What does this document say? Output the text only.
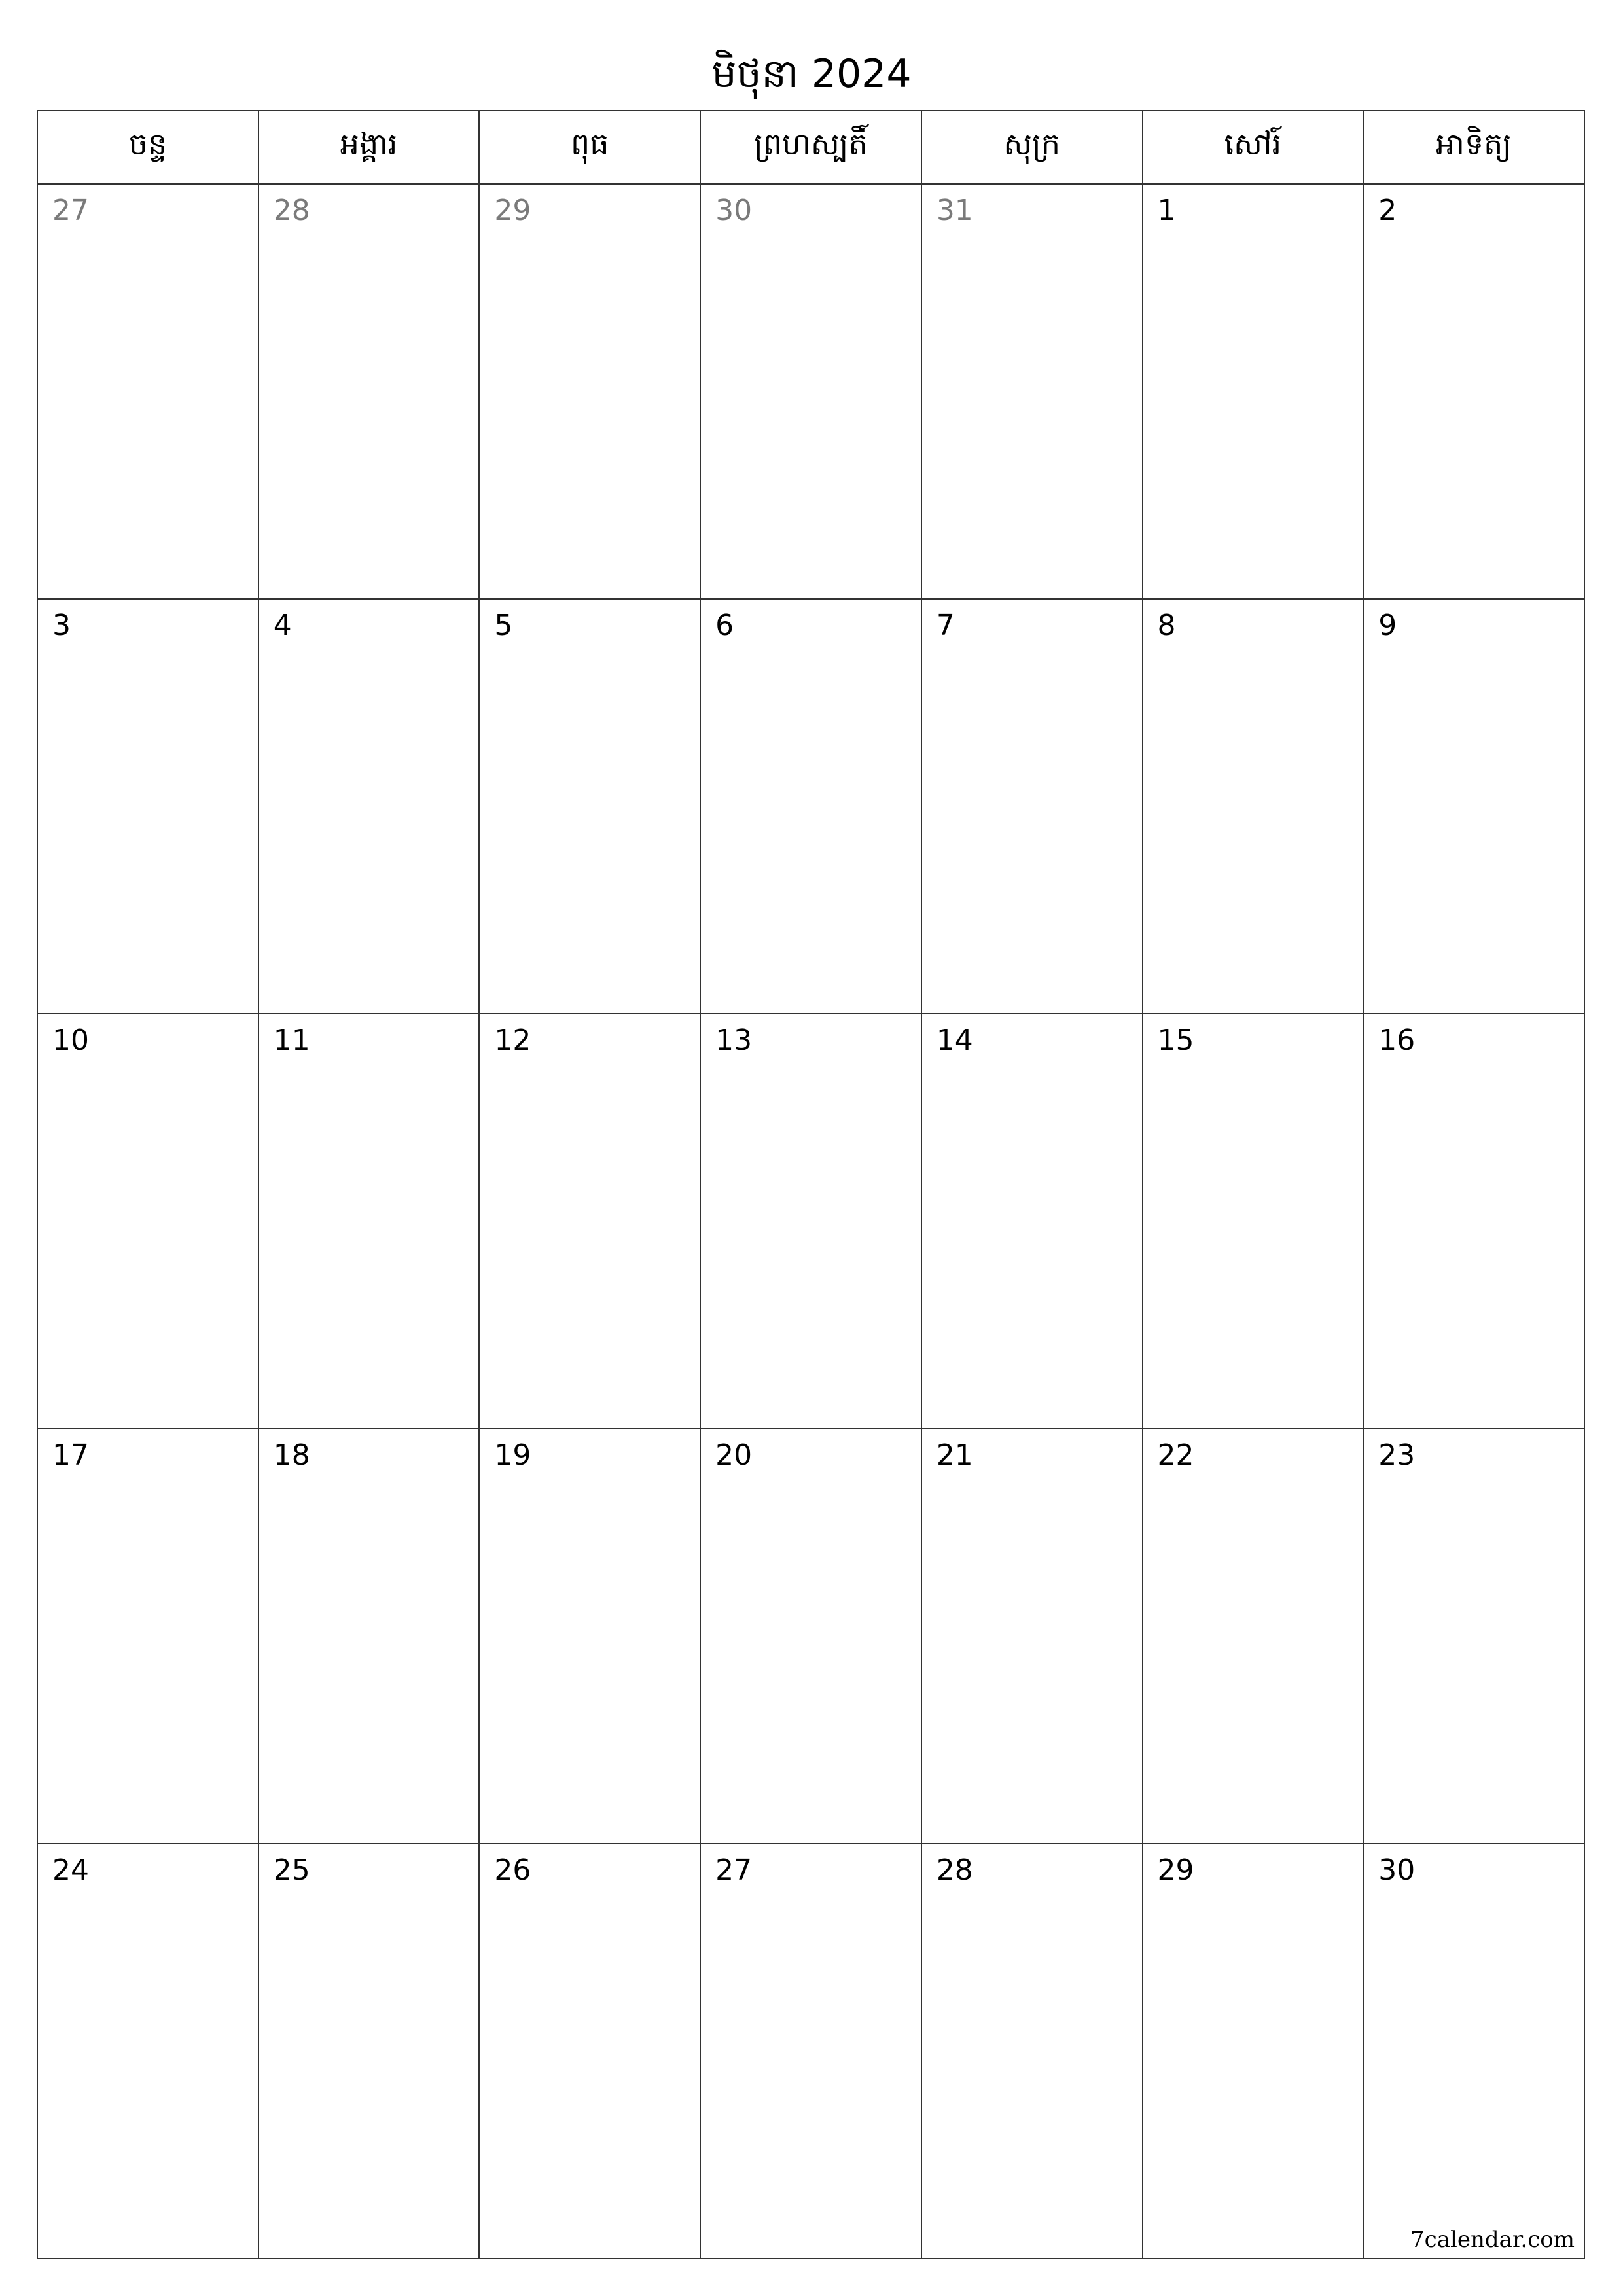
មិថុនា 2024
ចន្ទ	អង្គារ	ពុធ	ព្រហស្បតិ៍	សុក្រ	សៅរ៍	អាទិត្យ

27	28	29	30	31	1	2

3	4	5	6	7	8	9

10	11	12	13	14	15	16

17	18	19	20	21	22	23

24	25	26	27	28	29	30
7calendar.com
